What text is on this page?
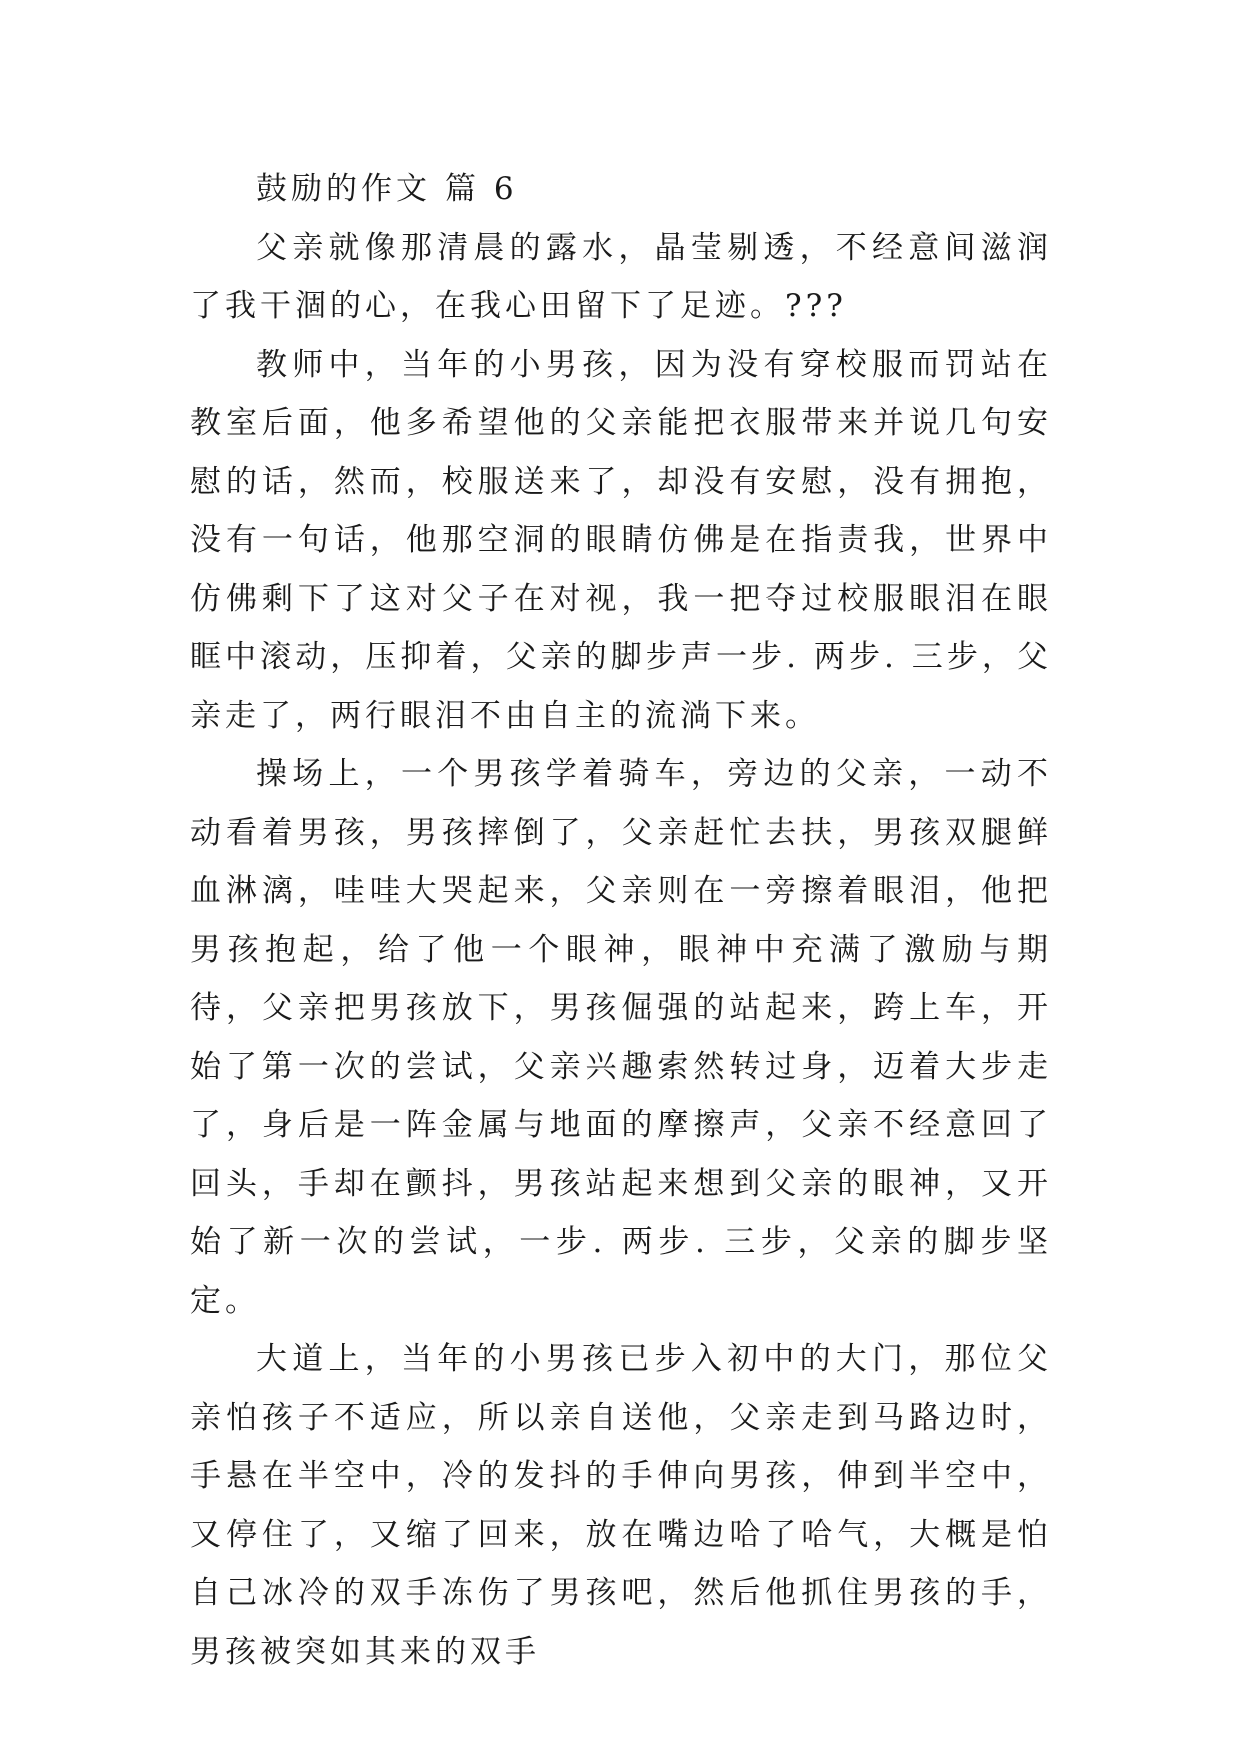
鼓励的作文 篇 6

父亲就像那清晨的露水，晶莹剔透，不经意间滋润了我干涸的心，在我心田留下了足迹。???

教师中，当年的小男孩，因为没有穿校服而罚站在教室后面，他多希望他的父亲能把衣服带来并说几句安慰的话，然而，校服送来了，却没有安慰，没有拥抱，没有一句话，他那空洞的眼睛仿佛是在指责我，世界中仿佛剩下了这对父子在对视，我一把夺过校服眼泪在眼眶中滚动，压抑着，父亲的脚步声一步. 两步. 三步，父亲走了，两行眼泪不由自主的流淌下来。

操场上，一个男孩学着骑车，旁边的父亲，一动不动看着男孩，男孩摔倒了，父亲赶忙去扶，男孩双腿鲜血淋漓，哇哇大哭起来，父亲则在一旁擦着眼泪，他把男孩抱起，给了他一个眼神，眼神中充满了激励与期待，父亲把男孩放下，男孩倔强的站起来，跨上车，开始了第一次的尝试，父亲兴趣索然转过身，迈着大步走了，身后是一阵金属与地面的摩擦声，父亲不经意回了回头，手却在颤抖，男孩站起来想到父亲的眼神，又开始了新一次的尝试，一步. 两步. 三步，父亲的脚步坚定。

大道上，当年的小男孩已步入初中的大门，那位父亲怕孩子不适应，所以亲自送他，父亲走到马路边时，手悬在半空中，冷的发抖的手伸向男孩，伸到半空中，又停住了，又缩了回来，放在嘴边哈了哈气，大概是怕自己冰冷的双手冻伤了男孩吧，然后他抓住男孩的手，男孩被突如其来的双手
